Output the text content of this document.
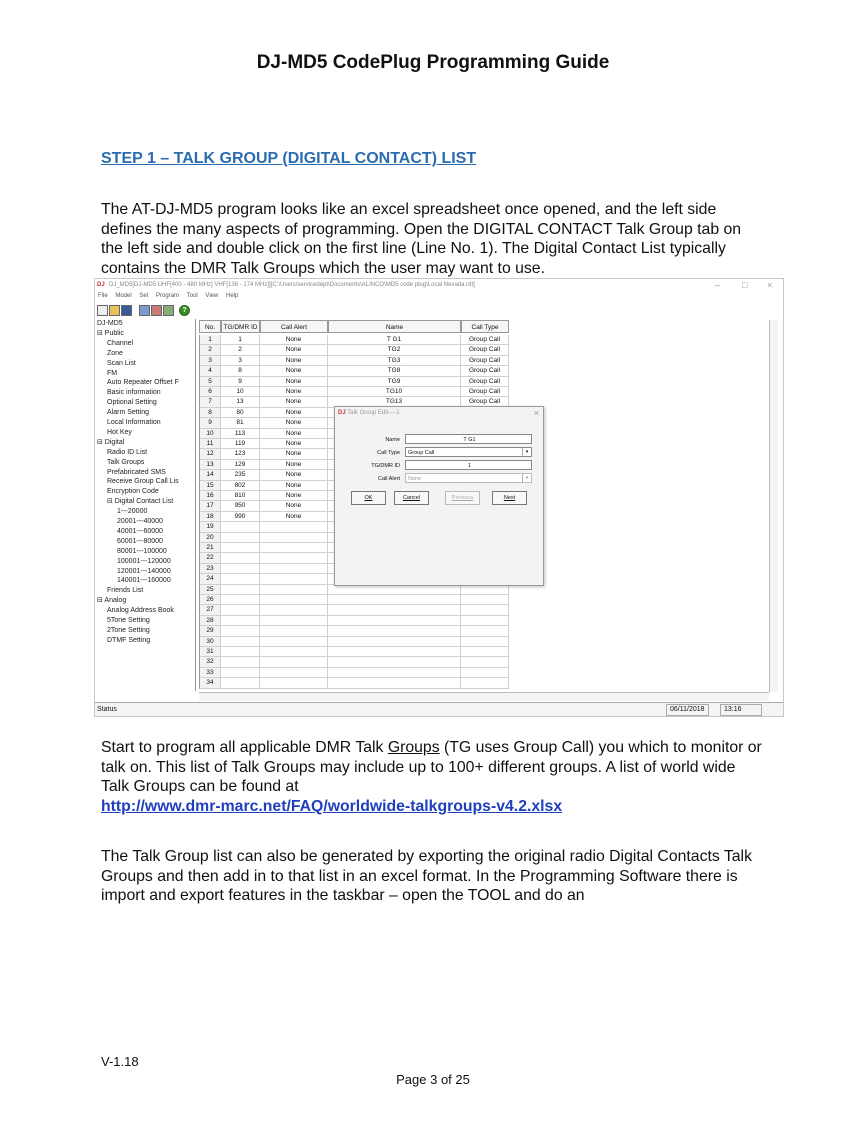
DJ-MD5 CodePlug Programming Guide
STEP 1 – TALK GROUP (DIGITAL CONTACT) LIST

The AT-DJ-MD5 program looks like an excel spreadsheet once opened, and the left side defines the many aspects of programming. Open the DIGITAL CONTACT Talk Group tab on the left side and double click on the first line (Line No. 1). The Digital Contact List typically contains the DMR Talk Groups which the user may want to use.

DJ DJ_MD5[DJ-MD5:UHF[400 - 480 MHz] VHF[136 - 174 MHz]][C:\Users\servicedept\Documents\ALINCO\MD5 code plug\Local Nevada.rdt]	– □ ×
File Model Set Program Tool View Help
?
DJ-MD5
⊟ Public
Channel
Zone
Scan List
FM
Auto Repeater Offset F
Basic information
Optional Setting
Alarm Setting
Local Information
Hot Key
⊟ Digital
Radio ID List
Talk Groups
Prefabricated SMS
Receive Group Call Lis
Encryption Code
⊟ Digital Contact List
1---20000
20001---40000
40001---60000
60001---80000
80001---100000
100001---120000
120001---140000
140001---160000
Friends List
⊟ Analog
Analog Address Book
5Tone Setting
2Tone Setting
DTMF Setting
No.	TG/DMR ID	Call Alert	Name	Call Type
1	1	None	T G1	Group Call
2	2	None	TG2	Group Call
3	3	None	TG3	Group Call
4	8	None	TG8	Group Call
5	9	None	TG9	Group Call
6	10	None	TG10	Group Call
7	13	None	TG13	Group Call
8	80	None
9	81	None
10	113	None
11	119	None
12	123	None
13	129	None
14	235	None
15	802	None
16	810	None
17	950	None
18	990	None
19
20
21
22
23
24
25
26
27
28
29
30
31
32
33
34
DJ Talk Group Edit----1	×
Name	T G1
Call Type	Group Call	▾
TG/DMR ID	1
Call Alert	None	▾
OK	Cancel	Previous	Next
Status	06/11/2018	13:16

Start to program all applicable DMR Talk Groups (TG uses Group Call) you which to monitor or talk on. This list of Talk Groups may include up to 100+ different groups. A list of world wide Talk Groups can be found at

http://www.dmr-marc.net/FAQ/worldwide-talkgroups-v4.2.xlsx

The Talk Group list can also be generated by exporting the original radio Digital Contacts Talk Groups and then add in to that list in an excel format. In the Programming Software there is import and export features in the taskbar – open the TOOL and do an

V-1.18
Page 3 of 25
